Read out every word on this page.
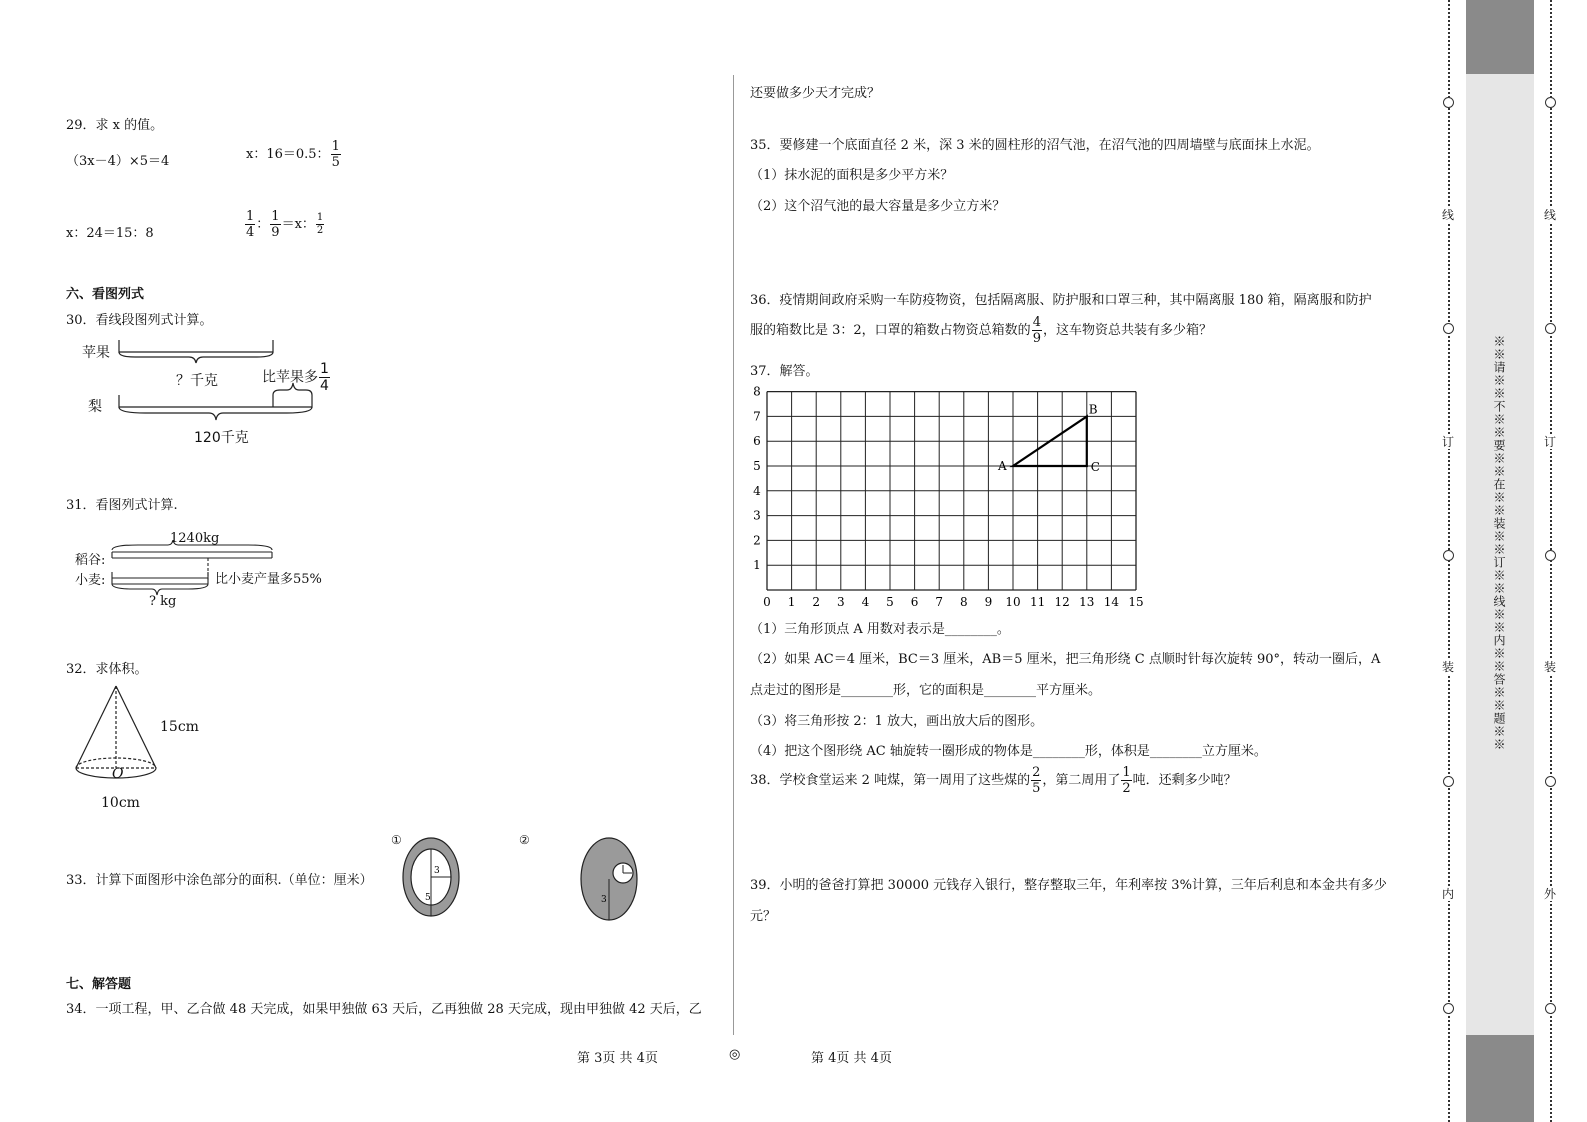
29．求 x 的值。
（3x－4）×5＝4	x：16＝0.5： $\frac{1}{5}$
x：24＝15：8	$\frac{1}{4}$ ： $\frac{1}{9} =x$： $\frac{1}{2}$
六、看图列式
30．看线段图列式计算。
苹果
？千克	比苹果多 $\frac{1}{4}$
梨
120千克
31．看图列式计算.
1240kg
稻谷:
小麦:	比小麦产量多55%
? kg
32．求体积。
15cm
O
10cm
33．计算下面图形中涂色部分的面积.（单位：厘米）
①	②
3
5	3
七、解答题
34．一项工程，甲、乙合做 48 天完成，如果甲独做 63 天后，乙再独做 28 天完成，现由甲独做 42 天后，乙
还要做多少天才完成？
35．要修建一个底面直径 2 米，深 3 米的圆柱形的沼气池，在沼气池的四周墙壁与底面抹上水泥。
（1）抹水泥的面积是多少平方米？
（2）这个沼气池的最大容量是多少立方米？
36．疫情期间政府采购一车防疫物资，包括隔离服、防护服和口罩三种，其中隔离服 180 箱，隔离服和防护
服的箱数比是 3：2，口罩的箱数占物资总箱数的 $\frac{4}{9}$ ，这车物资总共装有多少箱？
37．解答。
0 1 2 3 4 5 6 7 8 9 10 11 12 13 14 15
1
2
3
4
5
6
7
8
A
B
C
（1）三角形顶点 A 用数对表示是________。
（2）如果 AC＝4 厘米，BC＝3 厘米，AB＝5 厘米，把三角形绕 C 点顺时针每次旋转 90°，转动一圈后，A
点走过的图形是________形，它的面积是________平方厘米。
（3）将三角形按 2：1 放大，画出放大后的图形。
（4）把这个图形绕 AC 轴旋转一圈形成的物体是________形，体积是________立方厘米。
38．学校食堂运来 2 吨煤，第一周用了这些煤的 $\frac{2}{5}$ ，第二周用了 $\frac{1}{2}$ 吨．还剩多少吨？
39．小明的爸爸打算把 30000 元钱存入银行，整存整取三年，年利率按 3%计算，三年后利息和本金共有多少
元？
第 3页 共 4页	◎	第 4页 共 4页
※※请※※不※※要※※在※※装※※订※※线※※内※※答※※题※※
线
订
装
内
线
订
装
外
